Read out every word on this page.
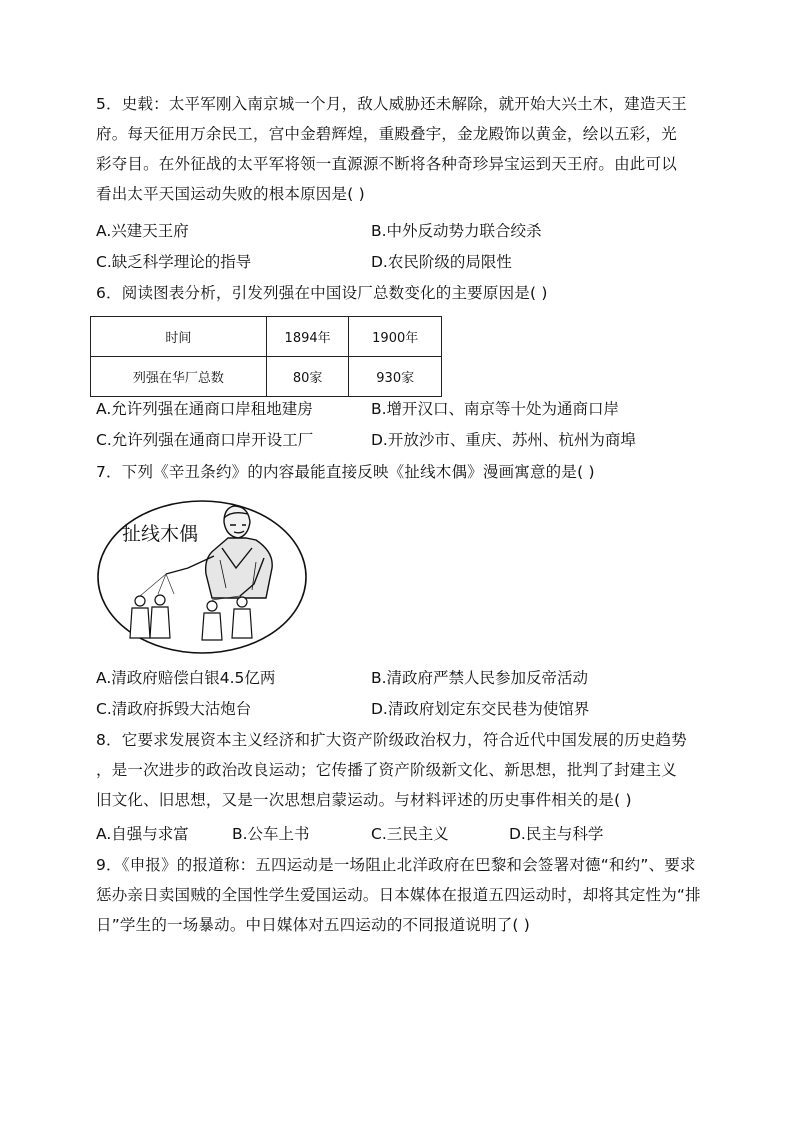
5．史载：太平军刚入南京城一个月，敌人威胁还未解除，就开始大兴土木，建造天王
府。每天征用万余民工，宫中金碧辉煌，重殿叠宇，金龙殿饰以黄金，绘以五彩，光
彩夺目。在外征战的太平军将领一直源源不断将各种奇珍异宝运到天王府。由此可以
看出太平天国运动失败的根本原因是( )
A.兴建天王府	B.中外反动势力联合绞杀
C.缺乏科学理论的指导	D.农民阶级的局限性
6．阅读图表分析，引发列强在中国设厂总数变化的主要原因是( )
时间	1894年	1900年
列强在华厂总数	80家	930家
A.允许列强在通商口岸租地建房	B.增开汉口、南京等十处为通商口岸
C.允许列强在通商口岸开设工厂	D.开放沙市、重庆、苏州、杭州为商埠
7．下列《辛丑条约》的内容最能直接反映《扯线木偶》漫画寓意的是( )
扯线木偶
A.清政府赔偿白银4.5亿两	B.清政府严禁人民参加反帝活动
C.清政府拆毁大沽炮台	D.清政府划定东交民巷为使馆界
8．它要求发展资本主义经济和扩大资产阶级政治权力，符合近代中国发展的历史趋势
，是一次进步的政治改良运动；它传播了资产阶级新文化、新思想，批判了封建主义
旧文化、旧思想，又是一次思想启蒙运动。与材料评述的历史事件相关的是( )
A.自强与求富	B.公车上书	C.三民主义	D.民主与科学
9．《申报》的报道称：五四运动是一场阻止北洋政府在巴黎和会签署对德“和约”、要求
惩办亲日卖国贼的全国性学生爱国运动。日本媒体在报道五四运动时，却将其定性为“排
日”学生的一场暴动。中日媒体对五四运动的不同报道说明了( )
